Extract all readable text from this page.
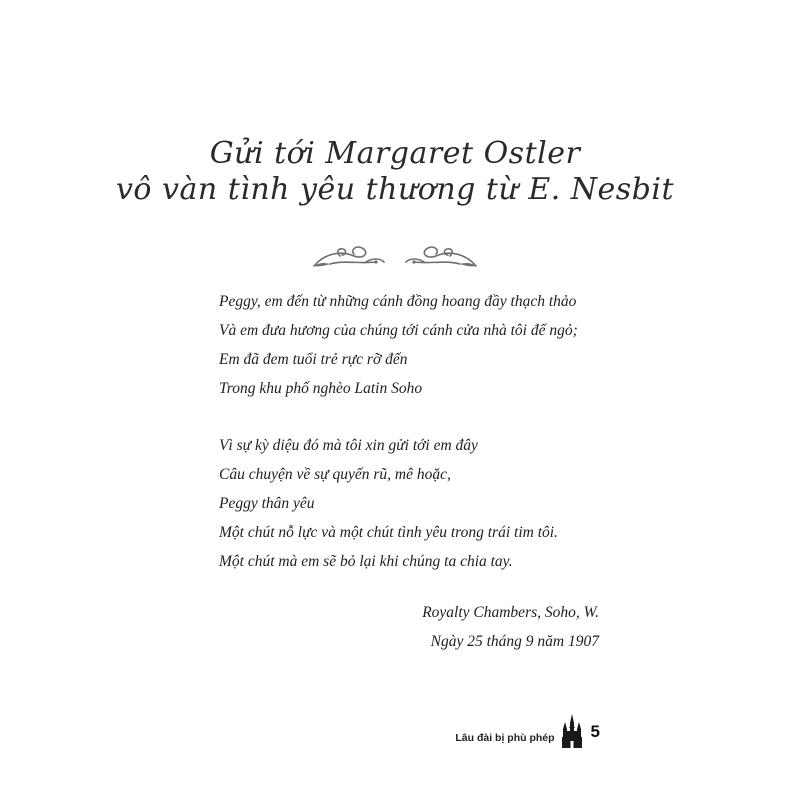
Gửi tới Margaret Ostler
vô vàn tình yêu thương từ E. Nesbit
Peggy, em đến từ những cánh đồng hoang đầy thạch thảo
Và em đưa hương của chúng tới cánh cửa nhà tôi để ngỏ;
Em đã đem tuổi trẻ rực rỡ đến
Trong khu phố nghèo Latin Soho
Vì sự kỳ diệu đó mà tôi xin gửi tới em đây
Câu chuyện về sự quyến rũ, mê hoặc,
Peggy thân yêu
Một chút nỗ lực và một chút tình yêu trong trái tim tôi.
Một chút mà em sẽ bỏ lại khi chúng ta chia tay.
Royalty Chambers, Soho, W.
Ngày 25 tháng 9 năm 1907
Lâu đài bị phù phép 5
